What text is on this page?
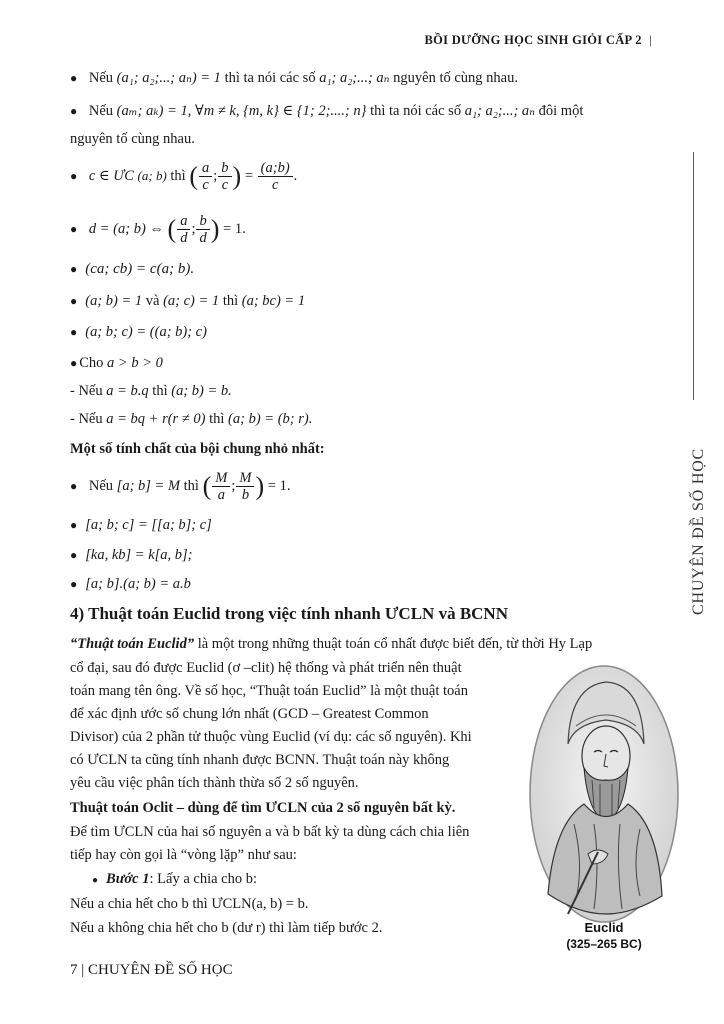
BỒI DƯỠNG HỌC SINH GIỎI CẤP 2 |
CHUYÊN ĐỀ SỐ HỌC
● Nếu (a₁; a₂;...; aₙ) = 1 thì ta nói các số a₁; a₂;...; aₙ nguyên tố cùng nhau.
● Nếu (aₘ; aₖ) = 1, ∀m ≠ k, {m, k} ∈ {1; 2;....; n} thì ta nói các số a₁; a₂;...; aₙ đôi một
nguyên tố cùng nhau.
● c ∈ ƯC (a; b) thì ( $\frac{a}{c}$ ; $\frac{b}{c}$ ) = $\frac{(a;b)}{c}$ .
● d = (a; b) ⇔ ( $\frac{a}{d}$ ; $\frac{b}{d}$ ) = 1.
● (ca; cb) = c(a; b).
● (a; b) = 1 và (a; c) = 1 thì (a; bc) = 1
● (a; b; c) = ((a; b); c)
● Cho a > b > 0
- Nếu a = b.q thì (a; b) = b.
- Nếu a = bq + r(r ≠ 0) thì (a; b) = (b; r).
Một số tính chất của bội chung nhỏ nhất:
● Nếu [a; b] = M thì ( $\frac{M}{a}$ ; $\frac{M}{b}$ ) = 1.
● [a; b; c] = [[a; b]; c]
● [ka, kb] = k[a, b];
● [a; b].(a; b) = a.b
4) Thuật toán Euclid trong việc tính nhanh ƯCLN và BCNN
“Thuật toán Euclid” là một trong những thuật toán cổ nhất được biết đến, từ thời Hy Lạp
cổ đại, sau đó được Euclid (ơ –clit) hệ thống và phát triển nên thuật
toán mang tên ông. Về số học, “Thuật toán Euclid” là một thuật toán
để xác định ước số chung lớn nhất (GCD – Greatest Common
Divisor) của 2 phần tử thuộc vùng Euclid (ví dụ: các số nguyên). Khi
có ƯCLN ta cũng tính nhanh được BCNN. Thuật toán này không
yêu cầu việc phân tích thành thừa số 2 số nguyên.
Thuật toán Oclit – dùng để tìm ƯCLN của 2 số nguyên bất kỳ.
Để tìm ƯCLN của hai số nguyên a và b bất kỳ ta dùng cách chia liên
tiếp hay còn gọi là “vòng lặp” như sau:
● Bước 1: Lấy a chia cho b:
Nếu a chia hết cho b thì ƯCLN(a, b) = b.
Nếu a không chia hết cho b (dư r) thì làm tiếp bước 2.	Euclid
(325–265 BC)
7 | CHUYÊN ĐỀ SỐ HỌC
